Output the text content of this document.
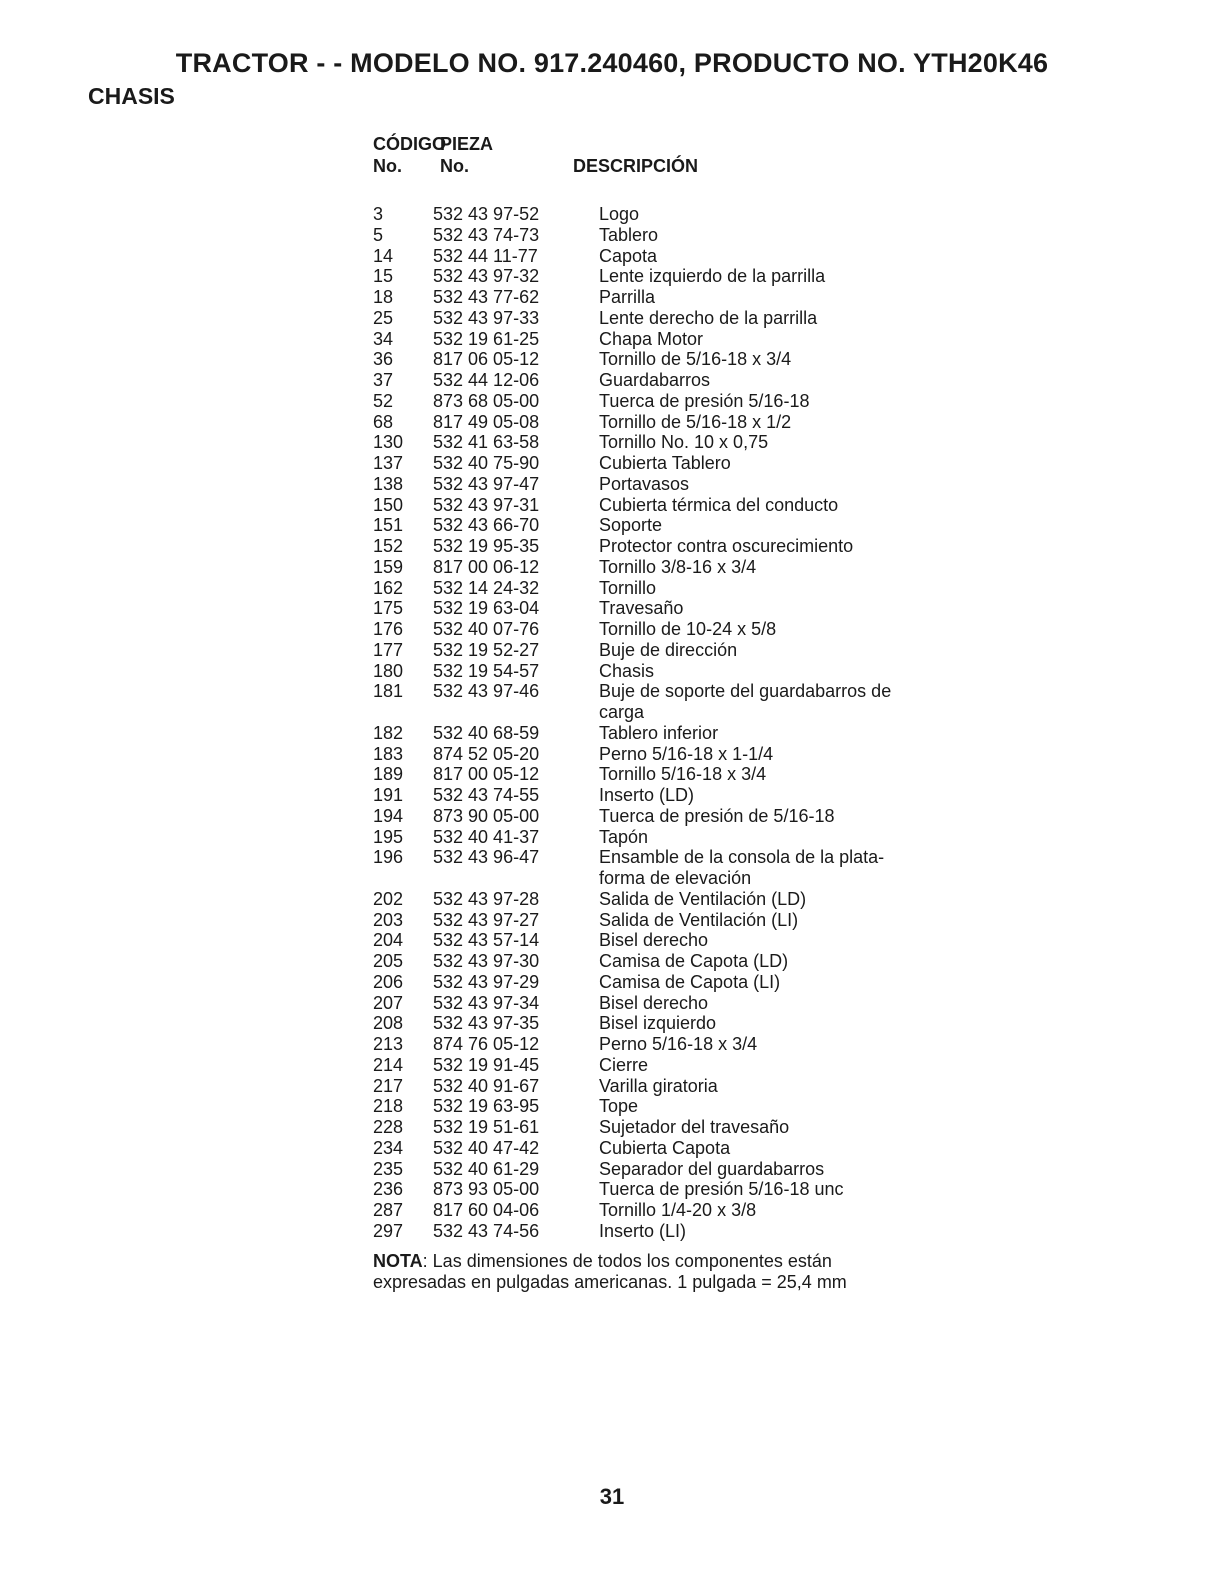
TRACTOR - - MODELO NO. 917.240460, PRODUCTO NO. YTH20K46
CHASIS
CÓDIGO
No.
PIEZA
No.	DESCRIPCIÓN
3	532 43 97-52	Logo
5	532 43 74-73	Tablero
14	532 44 11-77	Capota
15	532 43 97-32	Lente izquierdo de la parrilla
18	532 43 77-62	Parrilla
25	532 43 97-33	Lente derecho de la parrilla
34	532 19 61-25	Chapa Motor
36	817 06 05-12	Tornillo de 5/16-18 x 3/4
37	532 44 12-06	Guardabarros
52	873 68 05-00	Tuerca de presión 5/16-18
68	817 49 05-08	Tornillo de 5/16-18 x 1/2
130	532 41 63-58	Tornillo No. 10 x 0,75
137	532 40 75-90	Cubierta Tablero
138	532 43 97-47	Portavasos
150	532 43 97-31	Cubierta térmica del conducto
151	532 43 66-70	Soporte
152	532 19 95-35	Protector contra oscurecimiento
159	817 00 06-12	Tornillo 3/8-16 x 3/4
162	532 14 24-32	Tornillo
175	532 19 63-04	Travesaño
176	532 40 07-76	Tornillo de 10-24 x 5/8
177	532 19 52-27	Buje de dirección
180	532 19 54-57	Chasis
181	532 43 97-46	Buje de soporte del guardabarros de carga
182	532 40 68-59	Tablero inferior
183	874 52 05-20	Perno 5/16-18 x 1-1/4
189	817 00 05-12	Tornillo 5/16-18 x 3/4
191	532 43 74-55	Inserto (LD)
194	873 90 05-00	Tuerca de presión de 5/16-18
195	532 40 41-37	Tapón
196	532 43 96-47	Ensamble de la consola de la plata- forma de elevación
202	532 43 97-28	Salida de Ventilación (LD)
203	532 43 97-27	Salida de Ventilación (LI)
204	532 43 57-14	Bisel derecho
205	532 43 97-30	Camisa de Capota (LD)
206	532 43 97-29	Camisa de Capota (LI)
207	532 43 97-34	Bisel derecho
208	532 43 97-35	Bisel izquierdo
213	874 76 05-12	Perno 5/16-18 x 3/4
214	532 19 91-45	Cierre
217	532 40 91-67	Varilla giratoria
218	532 19 63-95	Tope
228	532 19 51-61	Sujetador del travesaño
234	532 40 47-42	Cubierta Capota
235	532 40 61-29	Separador del guardabarros
236	873 93 05-00	Tuerca de presión 5/16-18 unc
287	817 60 04-06	Tornillo 1/4-20 x 3/8
297	532 43 74-56	Inserto (LI)
NOTA: Las dimensiones de todos los componentes están expresadas en pulgadas americanas. 1 pulgada = 25,4 mm
31
